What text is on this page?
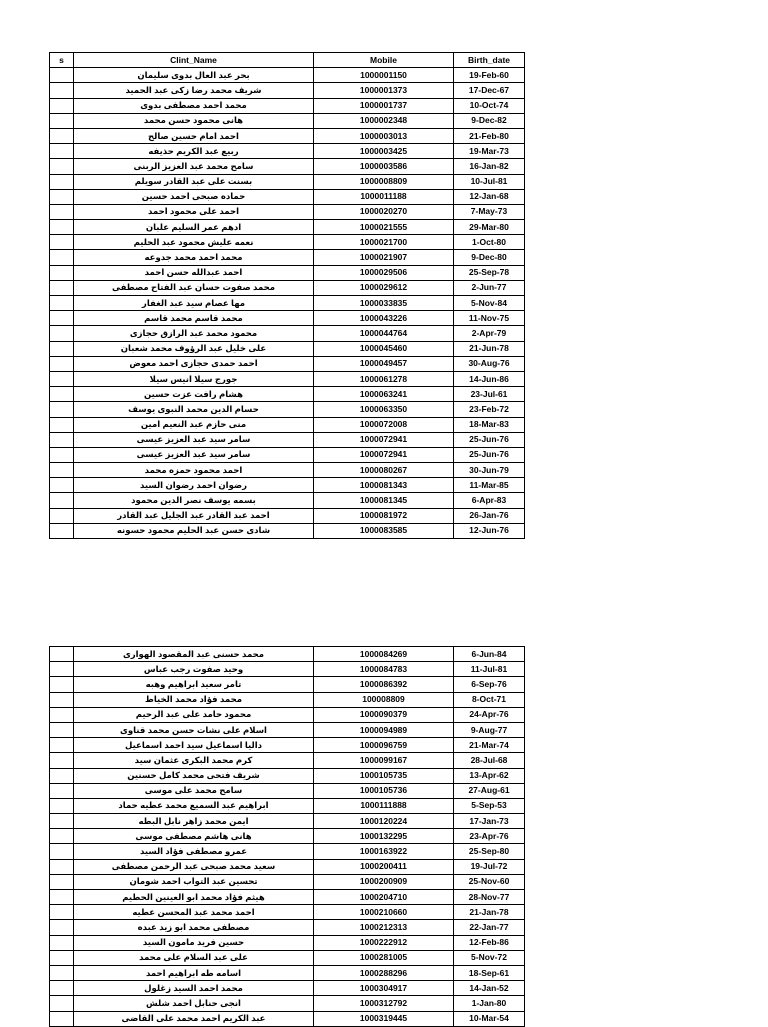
s	Clint_Name	Mobile	Birth_date
	بحر عبد العال بدوى سليمان	1000001150	19-Feb-60
	شريف محمد رضا زكى عبد الحميد	1000001373	17-Dec-67
	محمد احمد مصطفى بدوى	1000001737	10-Oct-74
	هانى محمود حسن محمد	1000002348	9-Dec-82
	احمد امام حسين صالح	1000003013	21-Feb-80
	ربيع عبد الكريم حذيفه	1000003425	19-Mar-73
	سامح محمد عبد العزيز الربنى	1000003586	16-Jan-82
	بسنت على عبد القادر سويلم	1000008809	10-Jul-81
	حماده صبحى احمد حسين	1000011188	12-Jan-68
	احمد على محمود احمد	1000020270	7-May-73
	ادهم عمر السليم علبان	1000021555	29-Mar-80
	نعمه عليش محمود عبد الحليم	1000021700	1-Oct-80
	محمد احمد محمد جدوعه	1000021907	9-Dec-80
	احمد عبدالله حسن احمد	1000029506	25-Sep-78
	محمد صفوت حسان عبد الفتاح مصطفى	1000029612	2-Jun-77
	مها عصام سيد عبد الغفار	1000033835	5-Nov-84
	محمد قاسم محمد قاسم	1000043226	11-Nov-75
	محمود محمد عبد الرازق حجازى	1000044764	2-Apr-79
	على خليل عبد الرؤوف محمد شعبان	1000045460	21-Jun-78
	احمد حمدى حجازى احمد معوض	1000049457	30-Aug-76
	جورج سيلا انيس سيلا	1000061278	14-Jun-86
	هشام رافت عزت حسين	1000063241	23-Jul-61
	حسام الدين محمد النبوى يوسف	1000063350	23-Feb-72
	منى حازم عبد النعيم امين	1000072008	18-Mar-83
	سامر سيد عبد العزيز عيسى	1000072941	25-Jun-76
	سامر سيد عبد العزيز عيسى	1000072941	25-Jun-76
	احمد محمود حمزه محمد	1000080267	30-Jun-79
	رضوان احمد رضوان السيد	1000081343	11-Mar-85
	بسمه يوسف نصر الدين محمود	1000081345	6-Apr-83
	احمد عبد القادر عبد الجليل عبد القادر	1000081972	26-Jan-76
	شادى حسن عبد الحليم محمود حسونه	1000083585	12-Jun-76
	محمد حسنى عبد المقصود الهوارى	1000084269	6-Jun-84
	وحيد صفوت رجب عباس	1000084783	11-Jul-81
	تامر سعيد ابراهيم وهبه	1000086392	6-Sep-76
	محمد فؤاد محمد الخياط	100008809	8-Oct-71
	محمود حامد على عبد الرحيم	1000090379	24-Apr-76
	اسلام على نشات حسن محمد قناوى	1000094989	9-Aug-77
	داليا اسماعيل سيد احمد اسماعيل	1000096759	21-Mar-74
	كرم محمد البكرى عثمان سيد	1000099167	28-Jul-68
	شريف فتحى محمد كامل حسنين	1000105735	13-Apr-62
	سامح محمد على موسى	1000105736	27-Aug-61
	ابراهيم عبد السميع محمد عطيه حماد	1000111888	5-Sep-53
	ايمن محمد زاهر نابل البطه	1000120224	17-Jan-73
	هانى هاشم مصطفى موسى	1000132295	23-Apr-76
	عمرو مصطفى فؤاد السيد	1000163922	25-Sep-80
	سعيد محمد صبحى عبد الرحمن مصطفى	1000200411	19-Jul-72
	تحسين عبد التواب احمد شومان	1000200909	25-Nov-60
	هيثم فؤاد محمد ابو العينين الحطيم	1000204710	28-Nov-77
	احمد محمد عبد المحسن عطيه	1000210660	21-Jan-78
	مصطفى محمد ابو زيد عبده	1000212313	22-Jan-77
	حسين فريد مامون السيد	1000222912	12-Feb-86
	على عبد السلام على محمد	1000281005	5-Nov-72
	اسامه طه ابراهيم احمد	1000288296	18-Sep-61
	محمد احمد السيد زغلول	1000304917	14-Jan-52
	انجى حنابل احمد شلش	1000312792	1-Jan-80
	عبد الكريم احمد محمد على القاضى	1000319445	10-Mar-54
